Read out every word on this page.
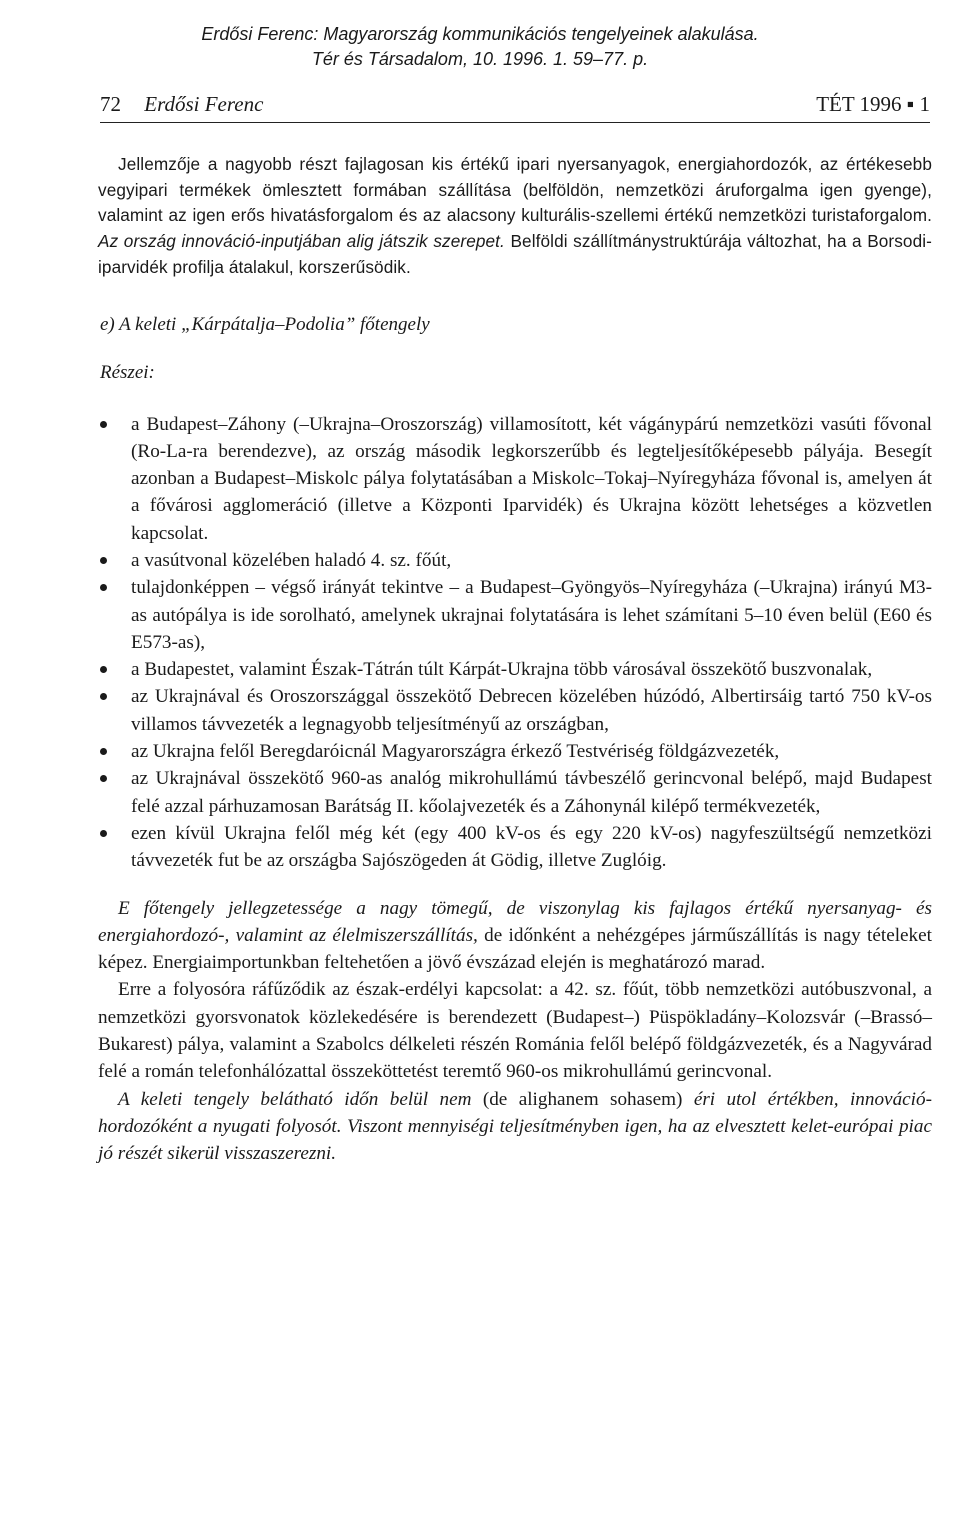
Erdősi Ferenc: Magyarország kommunikációs tengelyeinek alakulása.
Tér és Társadalom, 10. 1996. 1. 59–77. p.
72 Erdősi Ferenc	TÉT 1996 ▪ 1

Jellemzője a nagyobb részt fajlagosan kis értékű ipari nyersanyagok, energiahordozók, az értékesebb vegyipari termékek ömlesztett formában szállítása (belföldön, nemzetközi áruforgalma igen gyenge), valamint az igen erős hivatásforgalom és az alacsony kulturális-szellemi értékű nemzetközi turistaforgalom. Az ország innováció-inputjában alig játszik szerepet. Belföldi szállítmánystruktúrája változhat, ha a Borsodi-iparvidék profilja átalakul, korszerűsödik.

e) A keleti „Kárpátalja–Podolia” főtengely
Részei:
a Budapest–Záhony (–Ukrajna–Oroszország) villamosított, két vágánypárú nemzetközi vasúti fővonal (Ro-La-ra berendezve), az ország második legkorszerűbb és legteljesítőképesebb pályája. Besegít azonban a Budapest–Miskolc pálya folytatásában a Miskolc–Tokaj–Nyíregyháza fővonal is, amelyen át a fővárosi agglomeráció (illetve a Központi Iparvidék) és Ukrajna között lehetséges a közvetlen kapcsolat.
a vasútvonal közelében haladó 4. sz. főút,
tulajdonképpen – végső irányát tekintve – a Budapest–Gyöngyös–Nyíregyháza (–Ukrajna) irányú M3-as autópálya is ide sorolható, amelynek ukrajnai folytatására is lehet számítani 5–10 éven belül (E60 és E573-as),
a Budapestet, valamint Észak-Tátrán túlt Kárpát-Ukrajna több városával összekötő buszvonalak,
az Ukrajnával és Oroszországgal összekötő Debrecen közelében húzódó, Albertirsáig tartó 750 kV-os villamos távvezeték a legnagyobb teljesítményű az országban,
az Ukrajna felől Beregdaróicnál Magyarországra érkező Testvériség földgázvezeték,
az Ukrajnával összekötő 960-as analóg mikrohullámú távbeszélő gerincvonal belépő, majd Budapest felé azzal párhuzamosan Barátság II. kőolajvezeték és a Záhonynál kilépő termékvezeték,
ezen kívül Ukrajna felől még két (egy 400 kV-os és egy 220 kV-os) nagyfeszültségű nemzetközi távvezeték fut be az országba Sajószögeden át Gödig, illetve Zuglóig.

E főtengely jellegzetessége a nagy tömegű, de viszonylag kis fajlagos értékű nyersanyag- és energiahordozó-, valamint az élelmiszerszállítás, de időnként a nehézgépes járműszállítás is nagy tételeket képez. Energiaimportunkban feltehetően a jövő évszázad elején is meghatározó marad.

Erre a folyosóra ráfűződik az észak-erdélyi kapcsolat: a 42. sz. főút, több nemzetközi autóbuszvonal, a nemzetközi gyorsvonatok közlekedésére is berendezett (Budapest–) Püspökladány–Kolozsvár (–Brassó–Bukarest) pálya, valamint a Szabolcs délkeleti részén Románia felől belépő földgázvezeték, és a Nagyvárad felé a román telefonhálózattal összeköttetést teremtő 960-os mikrohullámú gerincvonal.

A keleti tengely belátható időn belül nem (de alighanem sohasem) éri utol értékben, innováció-hordozóként a nyugati folyosót. Viszont mennyiségi teljesítményben igen, ha az elvesztett kelet-európai piac jó részét sikerül visszaszerezni.
